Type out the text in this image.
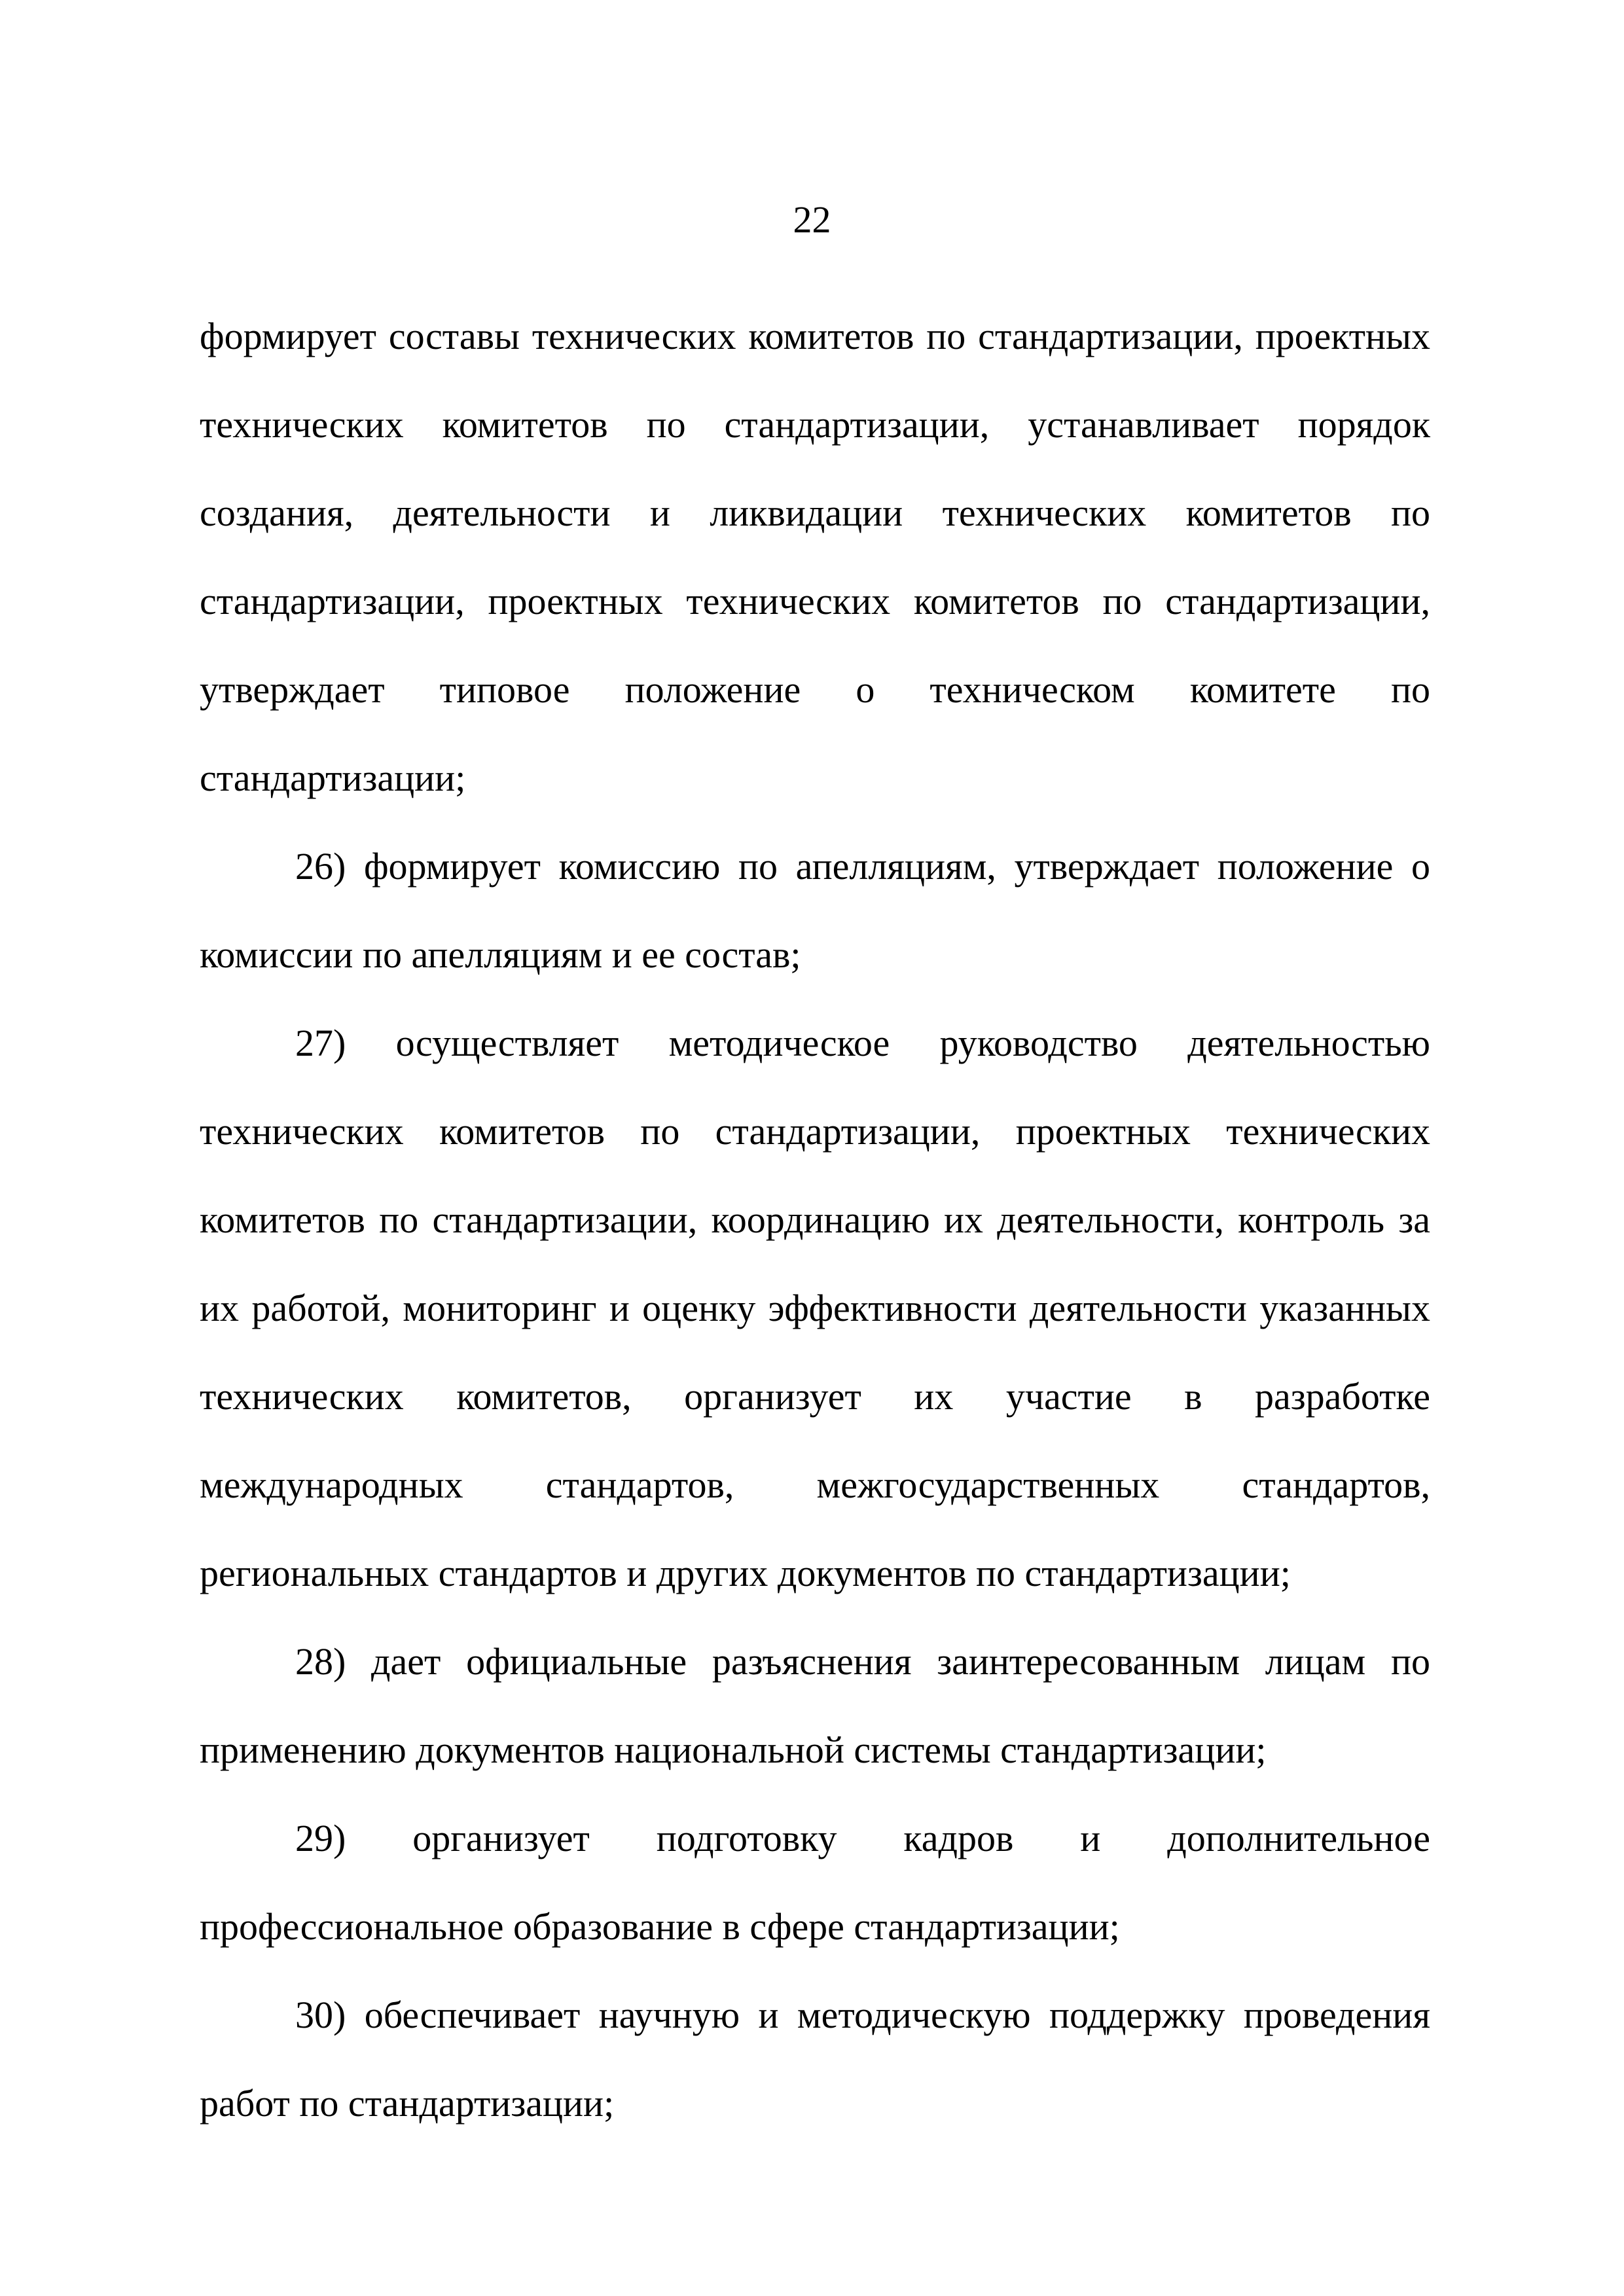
22

формирует составы технических комитетов по стандартизации, проектных технических комитетов по стандартизации, устанавливает порядок создания, деятельности и ликвидации технических комитетов по стандартизации, проектных технических комитетов по стандартизации, утверждает типовое положение о техническом комитете по стандартизации;

26) формирует комиссию по апелляциям, утверждает положение о комиссии по апелляциям и ее состав;

27) осуществляет методическое руководство деятельностью технических комитетов по стандартизации, проектных технических комитетов по стандартизации, координацию их деятельности, контроль за их работой, мониторинг и оценку эффективности деятельности указанных технических комитетов, организует их участие в разработке международных стандартов, межгосударственных стандартов, региональных стандартов и других документов по стандартизации;

28) дает официальные разъяснения заинтересованным лицам по применению документов национальной системы стандартизации;

29) организует подготовку кадров и дополнительное профессиональное образование в сфере стандартизации;

30) обеспечивает научную и методическую поддержку проведения работ по стандартизации;
